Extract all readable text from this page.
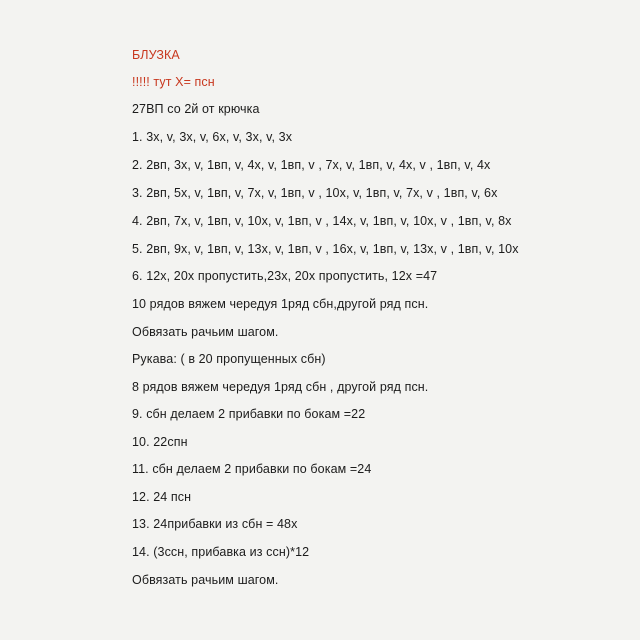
БЛУЗКА
!!!!! тут Х= псн
27ВП со 2й от крючка
1. 3х, v, 3х, v, 6х, v, 3х, v, 3х
2. 2вп, 3х, v, 1вп, v, 4х, v, 1вп, v , 7х, v, 1вп, v, 4х, v , 1вп, v, 4х
3. 2вп, 5х, v, 1вп, v, 7х, v, 1вп, v , 10х, v, 1вп, v, 7х, v , 1вп, v, 6х
4. 2вп, 7х, v, 1вп, v, 10х, v, 1вп, v , 14х, v, 1вп, v, 10х, v , 1вп, v, 8х
5. 2вп, 9х, v, 1вп, v, 13х, v, 1вп, v , 16х, v, 1вп, v, 13х, v , 1вп, v, 10х
6. 12х, 20х пропустить,23х, 20х пропустить, 12х =47
10 рядов вяжем чередуя 1ряд сбн,другой ряд псн.
Обвязать рачьим шагом.
Рукава: ( в 20 пропущенных сбн)
8 рядов вяжем чередуя 1ряд сбн , другой ряд псн.
9. сбн делаем 2 прибавки по бокам =22
10. 22спн
11. сбн делаем 2 прибавки по бокам =24
12. 24 псн
13. 24прибавки из сбн = 48х
14. (3ссн, прибавка из ссн)*12
Обвязать рачьим шагом.
